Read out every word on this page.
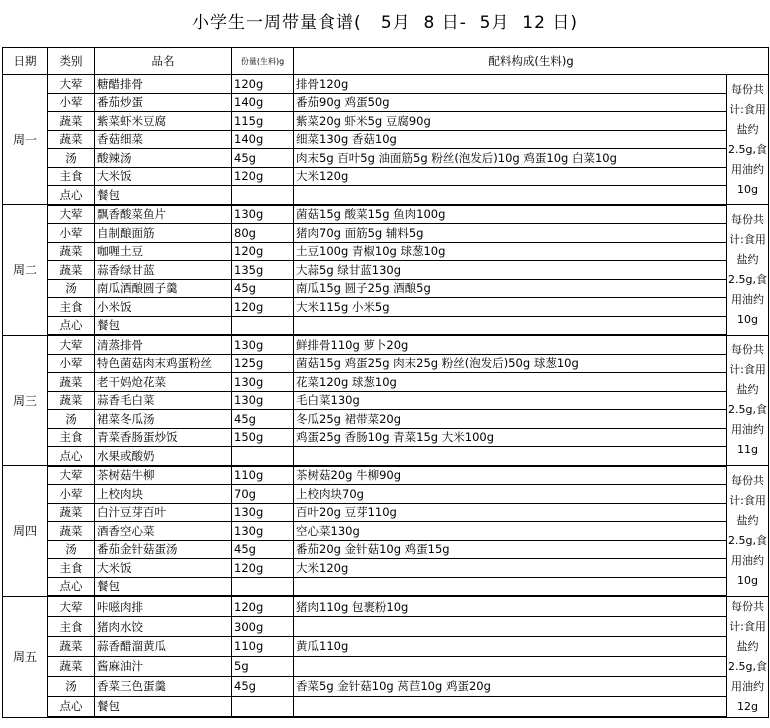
小学生一周带量食谱(   5月  8 日-  5月  12 日)
日期	类别	品名	份量(生料)g	配料构成(生料)g	
周一	大荤	糖醋排骨	120g	排骨120g	每份共计:食用盐约2.5g,食用油约10g
	小荤	番茄炒蛋	140g	番茄90g 鸡蛋50g	
	蔬菜	紫菜虾米豆腐	115g	紫菜20g 虾米5g 豆腐90g	
	蔬菜	香菇细菜	140g	细菜130g 香菇10g	
	汤	酸辣汤	45g	肉末5g 百叶5g 油面筋5g 粉丝(泡发后)10g 鸡蛋10g 白菜10g	
	主食	大米饭	120g	大米120g	
	点心	餐包			
周二	大荤	飘香酸菜鱼片	130g	菌菇15g 酸菜15g 鱼肉100g	每份共计:食用盐约2.5g,食用油约10g
	小荤	自制酿面筋	80g	猪肉70g 面筋5g 辅料5g	
	蔬菜	咖喱土豆	120g	土豆100g 青椒10g 球葱10g	
	蔬菜	蒜香绿甘蓝	135g	大蒜5g 绿甘蓝130g	
	汤	南瓜酒酿圆子羹	45g	南瓜15g 圆子25g 酒酿5g	
	主食	小米饭	120g	大米115g 小米5g	
	点心	餐包			
周三	大荤	清蒸排骨	130g	鲜排骨110g 萝卜20g	每份共计:食用盐约2.5g,食用油约11g
	小荤	特色菌菇肉末鸡蛋粉丝	125g	菌菇15g 鸡蛋25g 肉末25g 粉丝(泡发后)50g 球葱10g	
	蔬菜	老干妈炝花菜	130g	花菜120g 球葱10g	
	蔬菜	蒜香毛白菜	130g	毛白菜130g	
	汤	裙菜冬瓜汤	45g	冬瓜25g 裙带菜20g	
	主食	青菜香肠蛋炒饭	150g	鸡蛋25g 香肠10g 青菜15g 大米100g	
	点心	水果或酸奶			
周四	大荤	茶树菇牛柳	110g	茶树菇20g 牛柳90g	每份共计:食用盐约2.5g,食用油约10g
	小荤	上校肉块	70g	上校肉块70g	
	蔬菜	白汁豆芽百叶	130g	百叶20g 豆芽110g	
	蔬菜	酒香空心菜	130g	空心菜130g	
	汤	番茄金针菇蛋汤	45g	番茄20g 金针菇10g 鸡蛋15g	
	主食	大米饭	120g	大米120g	
	点心	餐包			
周五	大荤	咔嗞肉排	120g	猪肉110g 包裹粉10g	每份共计:食用盐约2.5g,食用油约12g
	主食	猪肉水饺	300g		
	蔬菜	蒜香醋溜黄瓜	110g	黄瓜110g	
	蔬菜	酱麻油汁	5g		
	汤	香菜三色蛋羹	45g	香菜5g 金针菇10g 莴苣10g 鸡蛋20g	
	点心	餐包			
